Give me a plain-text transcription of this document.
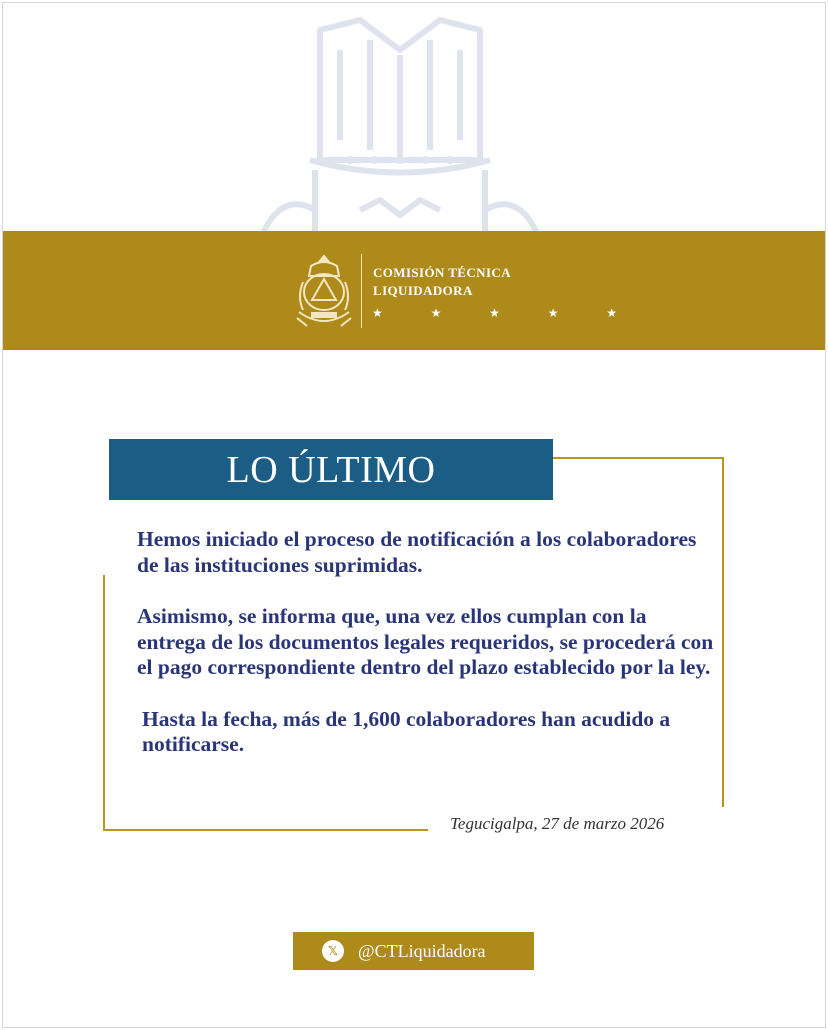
COMISIÓN TÉCNICA
LIQUIDADORA
★ ★ ★ ★ ★
LO ÚLTIMO

Hemos iniciado el proceso de notificación a los colaboradores de las instituciones suprimidas.

Asimismo, se informa que, una vez ellos cumplan con la entrega de los documentos legales requeridos, se procederá con el pago correspondiente dentro del plazo establecido por la ley.

Hasta la fecha, más de 1,600 colaboradores han acudido a notificarse.

Tegucigalpa, 27 de marzo 2026
𝕏	@CTLiquidadora
